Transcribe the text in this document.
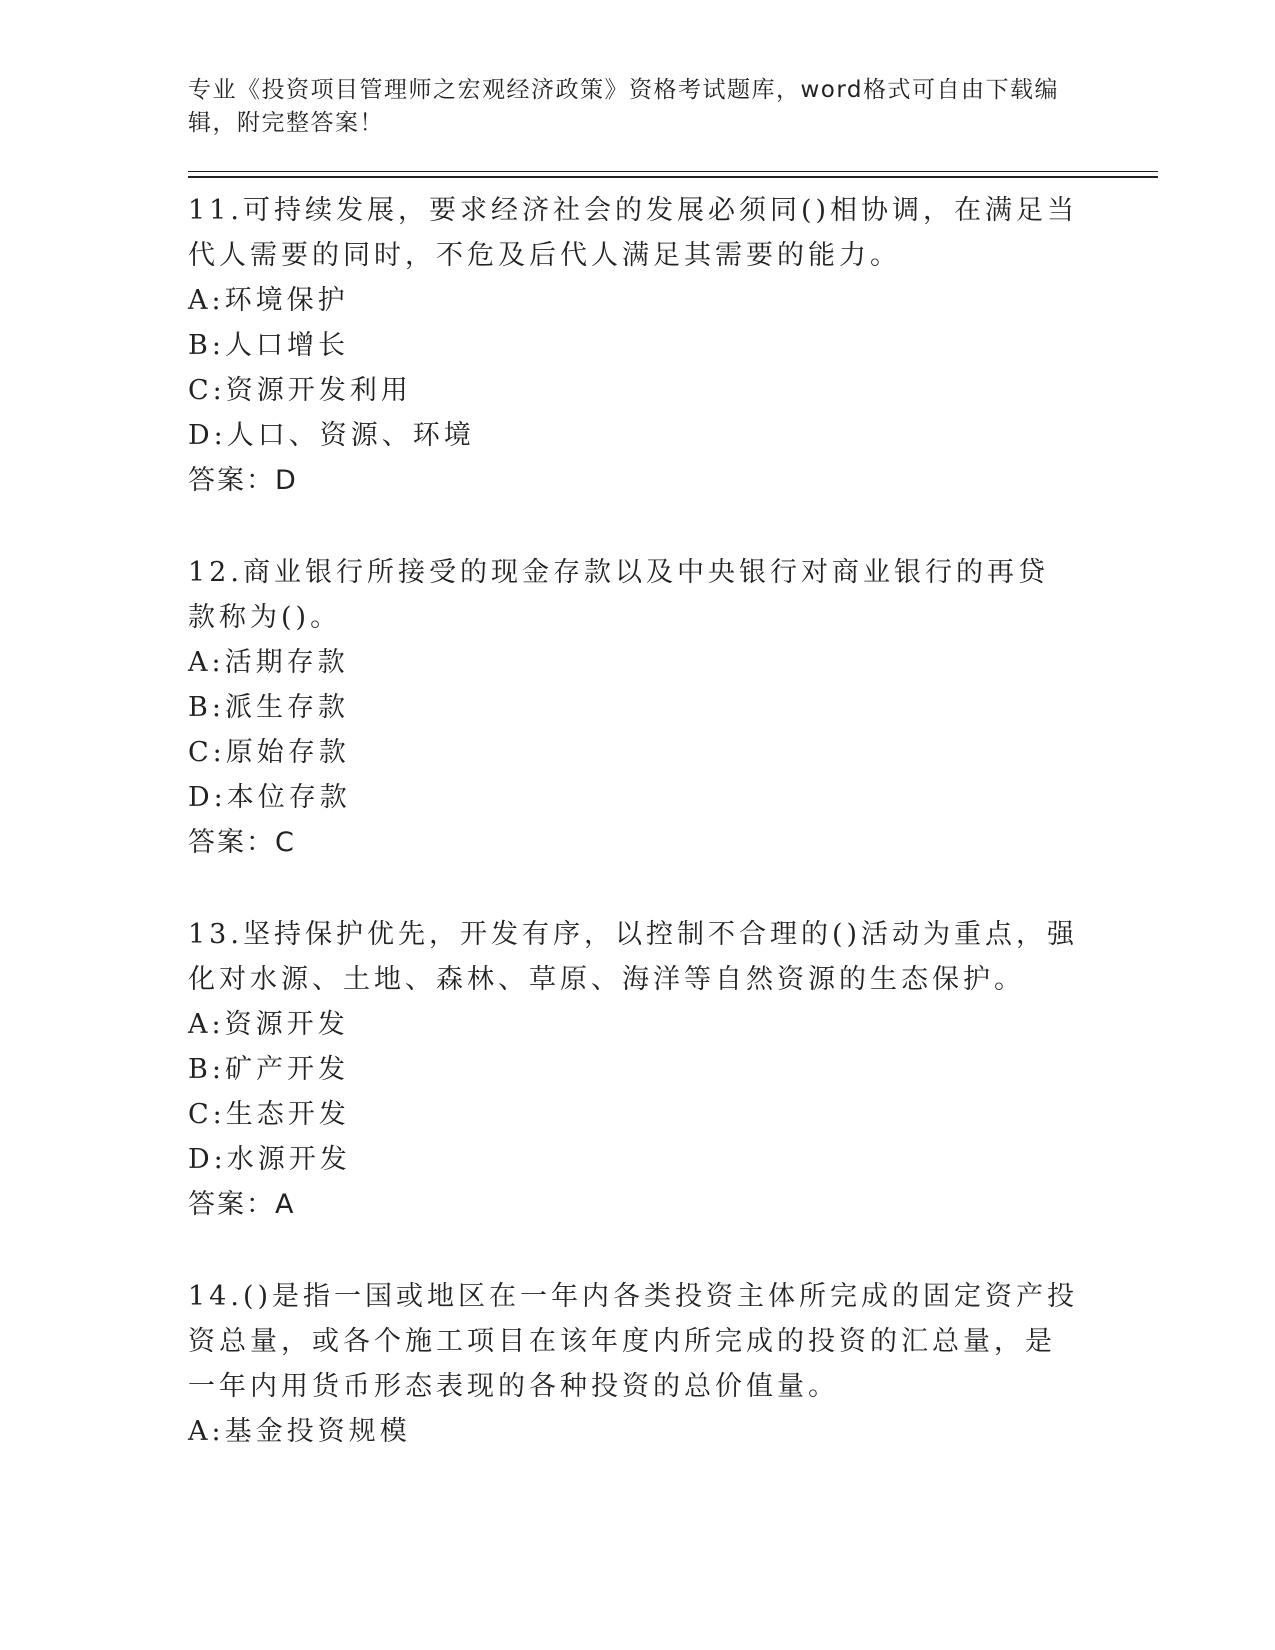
专业《投资项目管理师之宏观经济政策》资格考试题库，word格式可自由下载编辑，附完整答案！

11.可持续发展，要求经济社会的发展必须同()相协调，在满足当代人需要的同时，不危及后代人满足其需要的能力。

A:环境保护

B:人口增长

C:资源开发利用

D:人口、资源、环境

答案：D

12.商业银行所接受的现金存款以及中央银行对商业银行的再贷款称为()。

A:活期存款

B:派生存款

C:原始存款

D:本位存款

答案：C

13.坚持保护优先，开发有序，以控制不合理的()活动为重点，强化对水源、土地、森林、草原、海洋等自然资源的生态保护。

A:资源开发

B:矿产开发

C:生态开发

D:水源开发

答案：A

14.()是指一国或地区在一年内各类投资主体所完成的固定资产投资总量，或各个施工项目在该年度内所完成的投资的汇总量，是一年内用货币形态表现的各种投资的总价值量。

A:基金投资规模
